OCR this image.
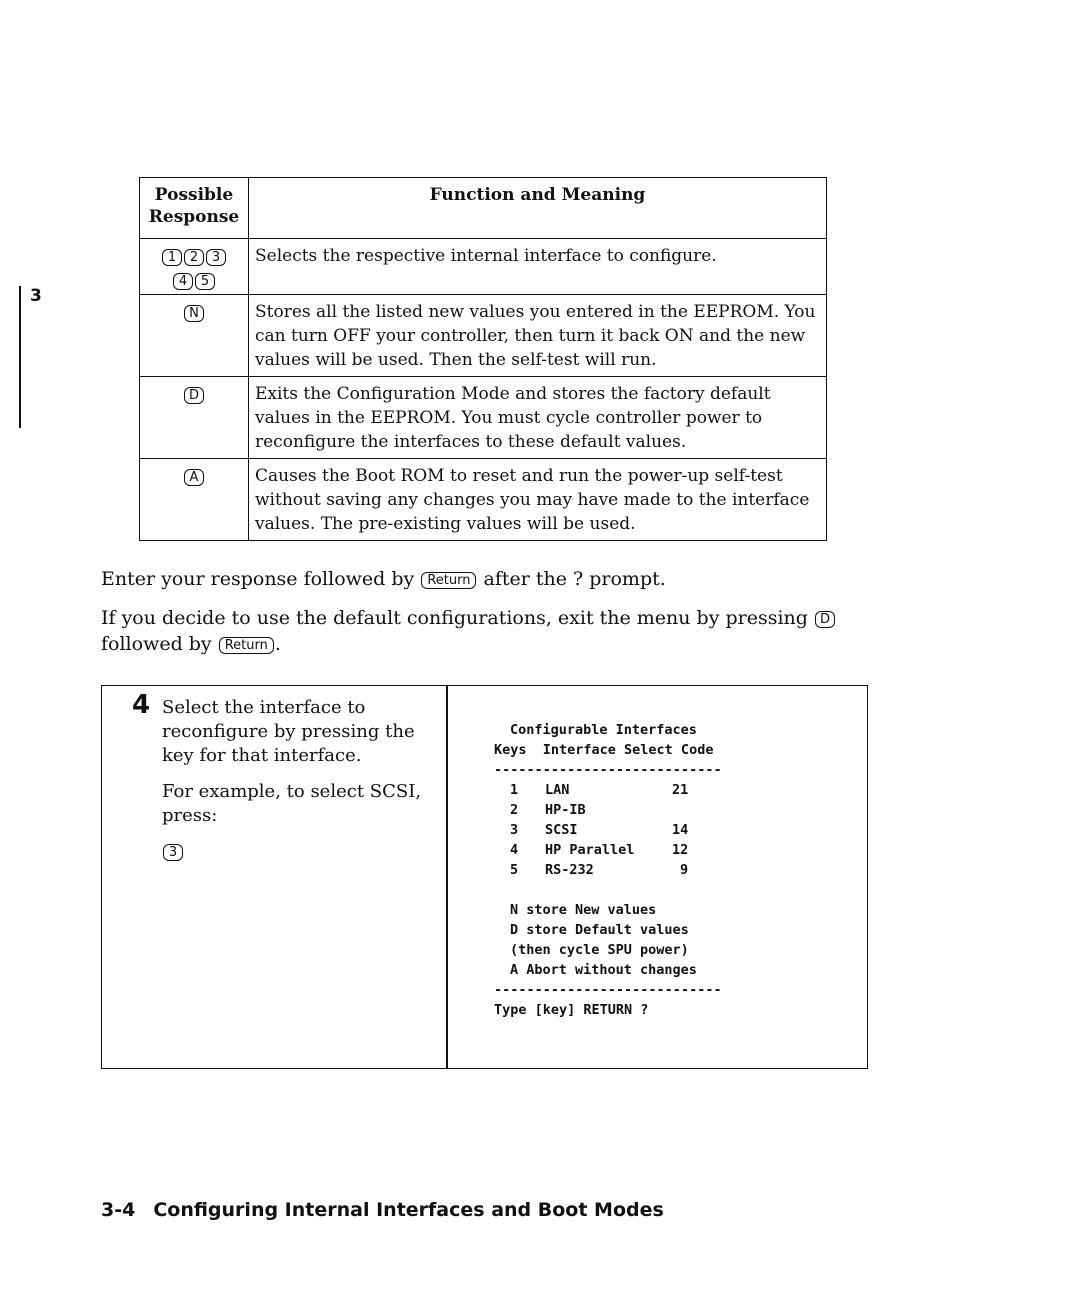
3
Possible Response	Function and Meaning
1 2 3
4 5	Selects the respective internal interface to configure.
N	Stores all the listed new values you entered in the EEPROM. You can turn OFF your controller, then turn it back ON and the new values will be used. Then the self-test will run.
D	Exits the Configuration Mode and stores the factory default values in the EEPROM. You must cycle controller power to reconfigure the interfaces to these default values.
A	Causes the Boot ROM to reset and run the power-up self-test without saving any changes you may have made to the interface values. The pre-existing values will be used.
Enter your response followed by Return after the ? prompt.
If you decide to use the default configurations, exit the menu by pressing D followed by Return .
4 Select the interface to reconfigure by pressing the key for that interface.

For example, to select SCSI, press:

3
Configurable Interfaces
Keys  Interface Select Code
----------------------------
1 LAN	21
2 HP-IB
3 SCSI	14
4 HP Parallel	12
5 RS-232	9
N store New values
D store Default values
(then cycle SPU power)
A Abort without changes
----------------------------
Type [key] RETURN ?
3-4 Configuring Internal Interfaces and Boot Modes
